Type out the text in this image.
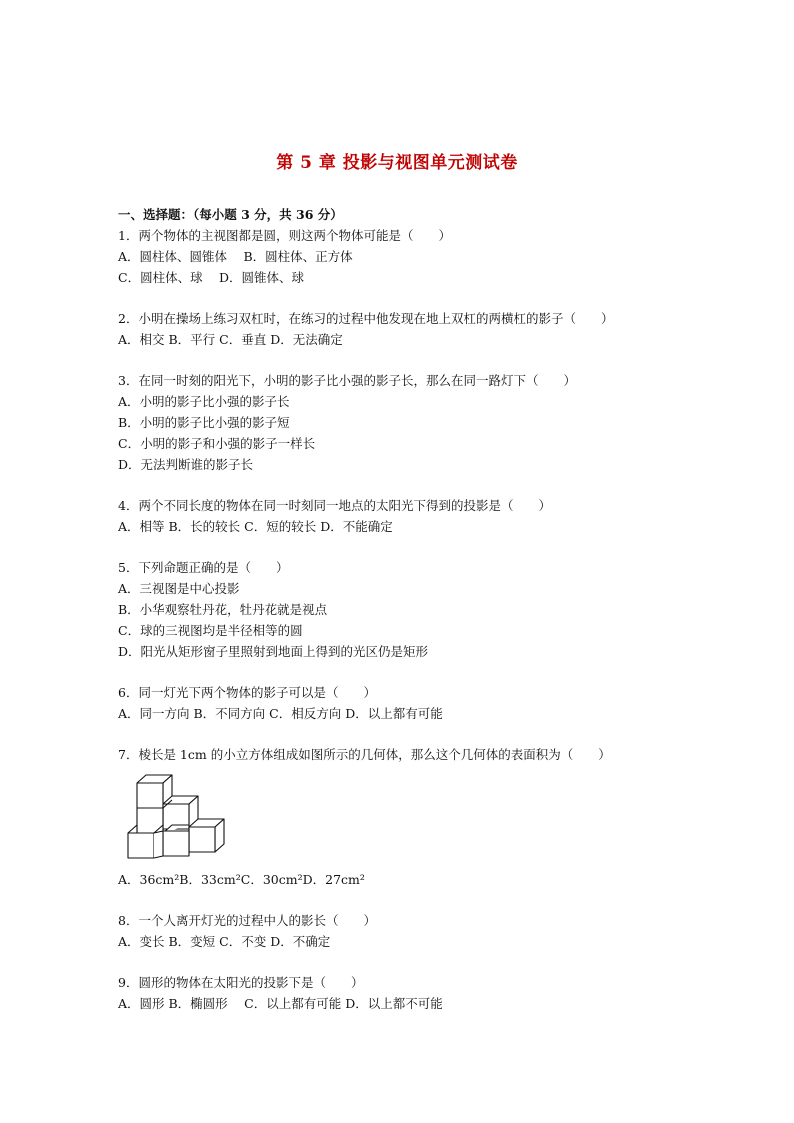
第 5 章 投影与视图单元测试卷
一、选择题：（每小题 3 分，共 36 分）
1．两个物体的主视图都是圆，则这两个物体可能是（　　）
A．圆柱体、圆锥体　 B．圆柱体、正方体
C．圆柱体、球　 D．圆锥体、球
2．小明在操场上练习双杠时，在练习的过程中他发现在地上双杠的两横杠的影子（　　）
A．相交 B．平行 C．垂直 D．无法确定
3．在同一时刻的阳光下，小明的影子比小强的影子长，那么在同一路灯下（　　）
A．小明的影子比小强的影子长
B．小明的影子比小强的影子短
C．小明的影子和小强的影子一样长
D．无法判断谁的影子长
4．两个不同长度的物体在同一时刻同一地点的太阳光下得到的投影是（　　）
A．相等 B．长的较长 C．短的较长 D．不能确定
5．下列命题正确的是（　　）
A．三视图是中心投影
B．小华观察牡丹花，牡丹花就是视点
C．球的三视图均是半径相等的圆
D．阳光从矩形窗子里照射到地面上得到的光区仍是矩形
6．同一灯光下两个物体的影子可以是（　　）
A．同一方向 B．不同方向 C．相反方向 D．以上都有可能
7．棱长是 1cm 的小立方体组成如图所示的几何体，那么这个几何体的表面积为（　　）
A．36cm²B．33cm²C．30cm²D．27cm²
8．一个人离开灯光的过程中人的影长（　　）
A．变长 B．变短 C．不变 D．不确定
9．圆形的物体在太阳光的投影下是（　　）
A．圆形 B．椭圆形　 C．以上都有可能 D．以上都不可能
